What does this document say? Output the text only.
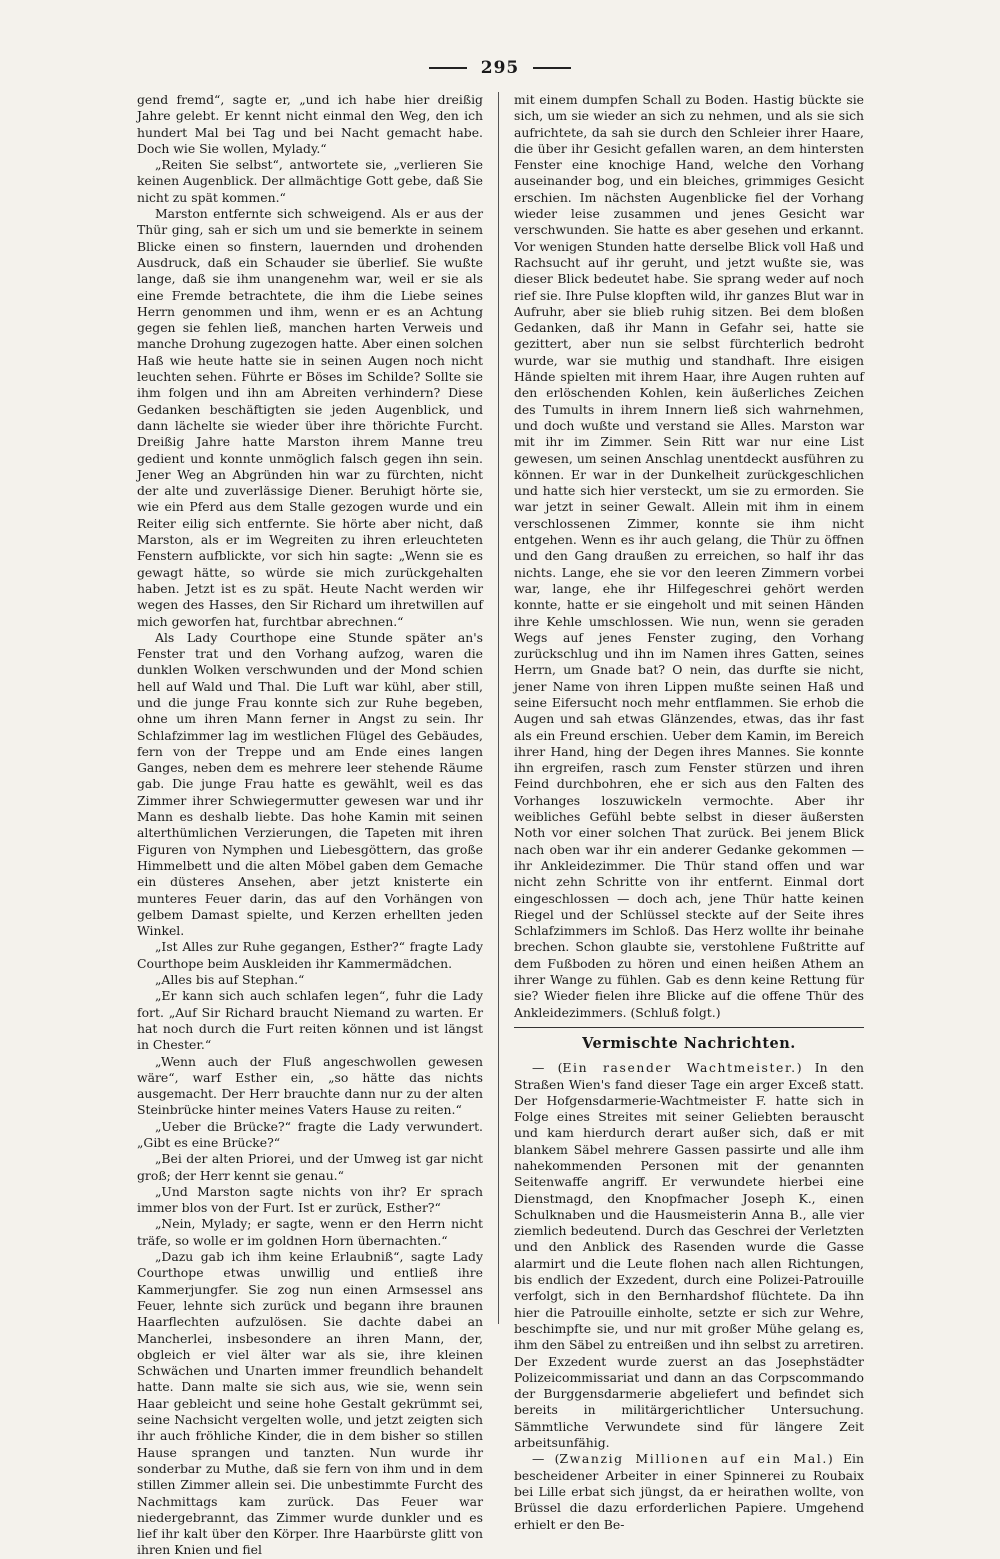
295

gend fremd“, sagte er, „und ich habe hier dreißig Jahre gelebt. Er kennt nicht einmal den Weg, den ich hundert Mal bei Tag und bei Nacht gemacht habe. Doch wie Sie wollen, Mylady.“

„Reiten Sie selbst“, antwortete sie, „verlieren Sie keinen Augenblick. Der allmächtige Gott gebe, daß Sie nicht zu spät kommen.“

Marston entfernte sich schweigend. Als er aus der Thür ging, sah er sich um und sie bemerkte in seinem Blicke einen so finstern, lauernden und drohenden Ausdruck, daß ein Schauder sie überlief. Sie wußte lange, daß sie ihm unangenehm war, weil er sie als eine Fremde betrachtete, die ihm die Liebe seines Herrn genommen und ihm, wenn er es an Achtung gegen sie fehlen ließ, manchen harten Verweis und manche Drohung zugezogen hatte. Aber einen solchen Haß wie heute hatte sie in seinen Augen noch nicht leuchten sehen. Führte er Böses im Schilde? Sollte sie ihm folgen und ihn am Abreiten verhindern? Diese Gedanken beschäftigten sie jeden Augenblick, und dann lächelte sie wieder über ihre thörichte Furcht. Dreißig Jahre hatte Marston ihrem Manne treu gedient und konnte unmöglich falsch gegen ihn sein. Jener Weg an Abgründen hin war zu fürchten, nicht der alte und zuverlässige Diener. Beruhigt hörte sie, wie ein Pferd aus dem Stalle gezogen wurde und ein Reiter eilig sich entfernte. Sie hörte aber nicht, daß Marston, als er im Wegreiten zu ihren erleuchteten Fenstern aufblickte, vor sich hin sagte: „Wenn sie es gewagt hätte, so würde sie mich zurückgehalten haben. Jetzt ist es zu spät. Heute Nacht werden wir wegen des Hasses, den Sir Richard um ihretwillen auf mich geworfen hat, furchtbar abrechnen.“

Als Lady Courthope eine Stunde später an's Fenster trat und den Vorhang aufzog, waren die dunklen Wolken verschwunden und der Mond schien hell auf Wald und Thal. Die Luft war kühl, aber still, und die junge Frau konnte sich zur Ruhe begeben, ohne um ihren Mann ferner in Angst zu sein. Ihr Schlafzimmer lag im westlichen Flügel des Gebäudes, fern von der Treppe und am Ende eines langen Ganges, neben dem es mehrere leer stehende Räume gab. Die junge Frau hatte es gewählt, weil es das Zimmer ihrer Schwiegermutter gewesen war und ihr Mann es deshalb liebte. Das hohe Kamin mit seinen alterthümlichen Verzierungen, die Tapeten mit ihren Figuren von Nymphen und Liebesgöttern, das große Himmelbett und die alten Möbel gaben dem Gemache ein düsteres Ansehen, aber jetzt knisterte ein munteres Feuer darin, das auf den Vorhängen von gelbem Damast spielte, und Kerzen erhellten jeden Winkel.

„Ist Alles zur Ruhe gegangen, Esther?“ fragte Lady Courthope beim Auskleiden ihr Kammermädchen.

„Alles bis auf Stephan.“

„Er kann sich auch schlafen legen“, fuhr die Lady fort. „Auf Sir Richard braucht Niemand zu warten. Er hat noch durch die Furt reiten können und ist längst in Chester.“

„Wenn auch der Fluß angeschwollen gewesen wäre“, warf Esther ein, „so hätte das nichts ausgemacht. Der Herr brauchte dann nur zu der alten Steinbrücke hinter meines Vaters Hause zu reiten.“

„Ueber die Brücke?“ fragte die Lady verwundert. „Gibt es eine Brücke?“

„Bei der alten Priorei, und der Umweg ist gar nicht groß; der Herr kennt sie genau.“

„Und Marston sagte nichts von ihr? Er sprach immer blos von der Furt. Ist er zurück, Esther?“

„Nein, Mylady; er sagte, wenn er den Herrn nicht träfe, so wolle er im goldnen Horn übernachten.“

„Dazu gab ich ihm keine Erlaubniß“, sagte Lady Courthope etwas unwillig und entließ ihre Kammerjungfer. Sie zog nun einen Armsessel ans Feuer, lehnte sich zurück und begann ihre braunen Haarflechten aufzulösen. Sie dachte dabei an Mancherlei, insbesondere an ihren Mann, der, obgleich er viel älter war als sie, ihre kleinen Schwächen und Unarten immer freundlich behandelt hatte. Dann malte sie sich aus, wie sie, wenn sein Haar gebleicht und seine hohe Gestalt gekrümmt sei, seine Nachsicht vergelten wolle, und jetzt zeigten sich ihr auch fröhliche Kinder, die in dem bisher so stillen Hause sprangen und tanzten. Nun wurde ihr sonderbar zu Muthe, daß sie fern von ihm und in dem stillen Zimmer allein sei. Die unbestimmte Furcht des Nachmittags kam zurück. Das Feuer war niedergebrannt, das Zimmer wurde dunkler und es lief ihr kalt über den Körper. Ihre Haarbürste glitt von ihren Knien und fiel

mit einem dumpfen Schall zu Boden. Hastig bückte sie sich, um sie wieder an sich zu nehmen, und als sie sich aufrichtete, da sah sie durch den Schleier ihrer Haare, die über ihr Gesicht gefallen waren, an dem hintersten Fenster eine knochige Hand, welche den Vorhang auseinander bog, und ein bleiches, grimmiges Gesicht erschien. Im nächsten Augenblicke fiel der Vorhang wieder leise zusammen und jenes Gesicht war verschwunden. Sie hatte es aber gesehen und erkannt. Vor wenigen Stunden hatte derselbe Blick voll Haß und Rachsucht auf ihr geruht, und jetzt wußte sie, was dieser Blick bedeutet habe. Sie sprang weder auf noch rief sie. Ihre Pulse klopften wild, ihr ganzes Blut war in Aufruhr, aber sie blieb ruhig sitzen. Bei dem bloßen Gedanken, daß ihr Mann in Gefahr sei, hatte sie gezittert, aber nun sie selbst fürchterlich bedroht wurde, war sie muthig und standhaft. Ihre eisigen Hände spielten mit ihrem Haar, ihre Augen ruhten auf den erlöschenden Kohlen, kein äußerliches Zeichen des Tumults in ihrem Innern ließ sich wahrnehmen, und doch wußte und verstand sie Alles. Marston war mit ihr im Zimmer. Sein Ritt war nur eine List gewesen, um seinen Anschlag unentdeckt ausführen zu können. Er war in der Dunkelheit zurückgeschlichen und hatte sich hier versteckt, um sie zu ermorden. Sie war jetzt in seiner Gewalt. Allein mit ihm in einem verschlossenen Zimmer, konnte sie ihm nicht entgehen. Wenn es ihr auch gelang, die Thür zu öffnen und den Gang draußen zu erreichen, so half ihr das nichts. Lange, ehe sie vor den leeren Zimmern vorbei war, lange, ehe ihr Hilfegeschrei gehört werden konnte, hatte er sie eingeholt und mit seinen Händen ihre Kehle umschlossen. Wie nun, wenn sie geraden Wegs auf jenes Fenster zuging, den Vorhang zurückschlug und ihn im Namen ihres Gatten, seines Herrn, um Gnade bat? O nein, das durfte sie nicht, jener Name von ihren Lippen mußte seinen Haß und seine Eifersucht noch mehr entflammen. Sie erhob die Augen und sah etwas Glänzendes, etwas, das ihr fast als ein Freund erschien. Ueber dem Kamin, im Bereich ihrer Hand, hing der Degen ihres Mannes. Sie konnte ihn ergreifen, rasch zum Fenster stürzen und ihren Feind durchbohren, ehe er sich aus den Falten des Vorhanges loszuwickeln vermochte. Aber ihr weibliches Gefühl bebte selbst in dieser äußersten Noth vor einer solchen That zurück. Bei jenem Blick nach oben war ihr ein anderer Gedanke gekommen — ihr Ankleidezimmer. Die Thür stand offen und war nicht zehn Schritte von ihr entfernt. Einmal dort eingeschlossen — doch ach, jene Thür hatte keinen Riegel und der Schlüssel steckte auf der Seite ihres Schlafzimmers im Schloß. Das Herz wollte ihr beinahe brechen. Schon glaubte sie, verstohlene Fußtritte auf dem Fußboden zu hören und einen heißen Athem an ihrer Wange zu fühlen. Gab es denn keine Rettung für sie? Wieder fielen ihre Blicke auf die offene Thür des Ankleidezimmers. (Schluß folgt.)

Vermischte Nachrichten.

— (Ein rasender Wachtmeister.) In den Straßen Wien's fand dieser Tage ein arger Exceß statt. Der Hofgensdarmerie-Wachtmeister F. hatte sich in Folge eines Streites mit seiner Geliebten berauscht und kam hierdurch derart außer sich, daß er mit blankem Säbel mehrere Gassen passirte und alle ihm nahekommenden Personen mit der genannten Seitenwaffe angriff. Er verwundete hierbei eine Dienstmagd, den Knopfmacher Joseph K., einen Schulknaben und die Hausmeisterin Anna B., alle vier ziemlich bedeutend. Durch das Geschrei der Verletzten und den Anblick des Rasenden wurde die Gasse alarmirt und die Leute flohen nach allen Richtungen, bis endlich der Exzedent, durch eine Polizei-Patrouille verfolgt, sich in den Bernhardshof flüchtete. Da ihn hier die Patrouille einholte, setzte er sich zur Wehre, beschimpfte sie, und nur mit großer Mühe gelang es, ihm den Säbel zu entreißen und ihn selbst zu arretiren. Der Exzedent wurde zuerst an das Josephstädter Polizeicommissariat und dann an das Corpscommando der Burggensdarmerie abgeliefert und befindet sich bereits in militärgerichtlicher Untersuchung. Sämmtliche Verwundete sind für längere Zeit arbeitsunfähig.

— (Zwanzig Millionen auf ein Mal.) Ein bescheidener Arbeiter in einer Spinnerei zu Roubaix bei Lille erbat sich jüngst, da er heirathen wollte, von Brüssel die dazu erforderlichen Papiere. Umgehend erhielt er den Be-
